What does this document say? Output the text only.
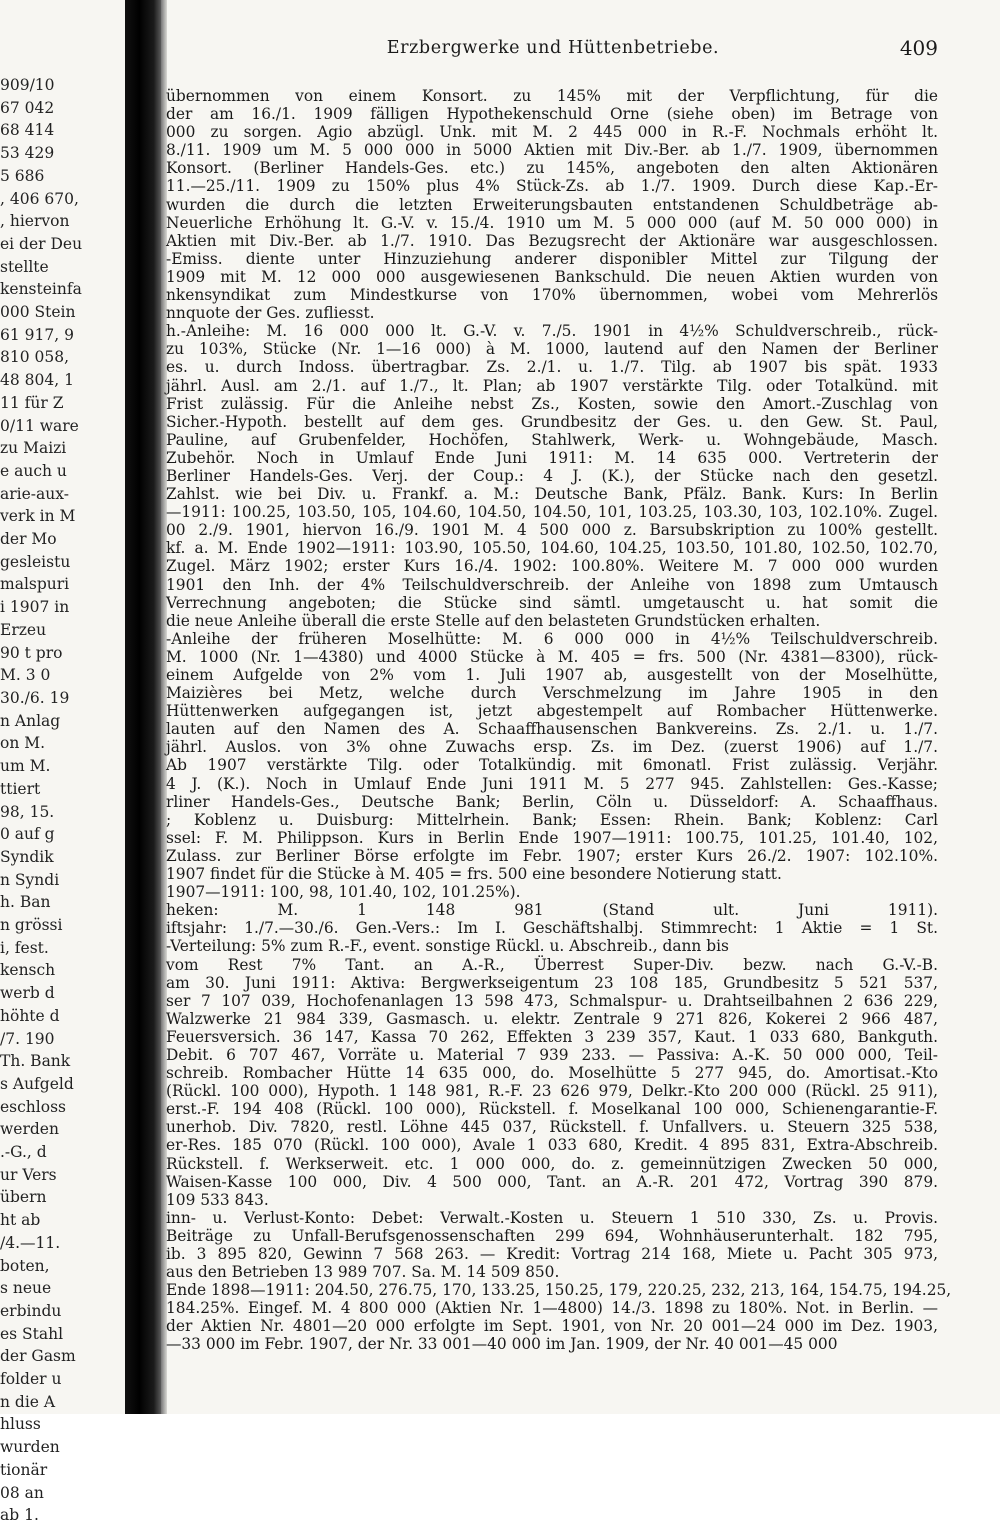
909/10
67 042
68 414
53 429
5 686
, 406 670,
, hiervon
ei der Deu
stellte
kensteinfa
000 Stein
61 917, 9
810 058,
48 804, 1
11 für Z
0/11 ware
zu Maizi
e auch u
arie-aux-
verk in M
der Mo
gesleistu
malspuri
i 1907 in
Erzeu
90 t pro
M. 3 0
30./6. 19
n Anlag
on M.
um M.
ttiert
98, 15.
0 auf g
Syndik
n Syndi
h. Ban
n grössi
i, fest.
kensch
werb d
höhte d
/7. 190
Th. Bank
s Aufgeld
eschloss
werden
.-G., d
ur Vers
übern
ht ab
/4.—11.
boten,
s neue
erbindu
es Stahl
der Gasm
folder u
n die A
hluss
wurden
tionär
08 an
ab 1.
Erzbergwerke und Hüttenbetriebe.	409
übernommen von einem Konsort. zu 145% mit der Verpflichtung, für die
der am 16./1. 1909 fälligen Hypothekenschuld Orne (siehe oben) im Betrage von
000 zu sorgen. Agio abzügl. Unk. mit M. 2 445 000 in R.-F. Nochmals erhöht lt.
8./11. 1909 um M. 5 000 000 in 5000 Aktien mit Div.-Ber. ab 1./7. 1909, übernommen
Konsort. (Berliner Handels-Ges. etc.) zu 145%, angeboten den alten Aktionären
11.—25./11. 1909 zu 150% plus 4% Stück-Zs. ab 1./7. 1909. Durch diese Kap.-Er-
wurden die durch die letzten Erweiterungsbauten entstandenen Schuldbeträge ab-
Neuerliche Erhöhung lt. G.-V. v. 15./4. 1910 um M. 5 000 000 (auf M. 50 000 000) in
Aktien mit Div.-Ber. ab 1./7. 1910. Das Bezugsrecht der Aktionäre war ausgeschlossen.
-Emiss. diente unter Hinzuziehung anderer disponibler Mittel zur Tilgung der
1909 mit M. 12 000 000 ausgewiesenen Bankschuld. Die neuen Aktien wurden von
nkensyndikat zum Mindestkurse von 170% übernommen, wobei vom Mehrerlös
nnquote der Ges. zufliesst.
h.-Anleihe: M. 16 000 000 lt. G.-V. v. 7./5. 1901 in 4½% Schuldverschreib., rück-
zu 103%, Stücke (Nr. 1—16 000) à M. 1000, lautend auf den Namen der Berliner
es. u. durch Indoss. übertragbar. Zs. 2./1. u. 1./7. Tilg. ab 1907 bis spät. 1933
jährl. Ausl. am 2./1. auf 1./7., lt. Plan; ab 1907 verstärkte Tilg. oder Totalkünd. mit
Frist zulässig. Für die Anleihe nebst Zs., Kosten, sowie den Amort.-Zuschlag von
Sicher.-Hypoth. bestellt auf dem ges. Grundbesitz der Ges. u. den Gew. St. Paul,
Pauline, auf Grubenfelder, Hochöfen, Stahlwerk, Werk- u. Wohngebäude, Masch.
Zubehör. Noch in Umlauf Ende Juni 1911: M. 14 635 000. Vertreterin der
Berliner Handels-Ges. Verj. der Coup.: 4 J. (K.), der Stücke nach den gesetzl.
Zahlst. wie bei Div. u. Frankf. a. M.: Deutsche Bank, Pfälz. Bank. Kurs: In Berlin
—1911: 100.25, 103.50, 105, 104.60, 104.50, 104.50, 101, 103.25, 103.30, 103, 102.10%. Zugel.
00 2./9. 1901, hiervon 16./9. 1901 M. 4 500 000 z. Barsubskription zu 100% gestellt.
kf. a. M. Ende 1902—1911: 103.90, 105.50, 104.60, 104.25, 103.50, 101.80, 102.50, 102.70,
Zugel. März 1902; erster Kurs 16./4. 1902: 100.80%. Weitere M. 7 000 000 wurden
1901 den Inh. der 4% Teilschuldverschreib. der Anleihe von 1898 zum Umtausch
Verrechnung angeboten; die Stücke sind sämtl. umgetauscht u. hat somit die
die neue Anleihe überall die erste Stelle auf den belasteten Grundstücken erhalten.
-Anleihe der früheren Moselhütte: M. 6 000 000 in 4½% Teilschuldverschreib.
M. 1000 (Nr. 1—4380) und 4000 Stücke à M. 405 = frs. 500 (Nr. 4381—8300), rück-
einem Aufgelde von 2% vom 1. Juli 1907 ab, ausgestellt von der Moselhütte,
Maizières bei Metz, welche durch Verschmelzung im Jahre 1905 in den
Hüttenwerken aufgegangen ist, jetzt abgestempelt auf Rombacher Hüttenwerke.
lauten auf den Namen des A. Schaaffhausenschen Bankvereins. Zs. 2./1. u. 1./7.
jährl. Auslos. von 3% ohne Zuwachs ersp. Zs. im Dez. (zuerst 1906) auf 1./7.
Ab 1907 verstärkte Tilg. oder Totalkündig. mit 6monatl. Frist zulässig. Verjähr.
4 J. (K.). Noch in Umlauf Ende Juni 1911 M. 5 277 945. Zahlstellen: Ges.-Kasse;
rliner Handels-Ges., Deutsche Bank; Berlin, Cöln u. Düsseldorf: A. Schaaffhaus.
; Koblenz u. Duisburg: Mittelrhein. Bank; Essen: Rhein. Bank; Koblenz: Carl
ssel: F. M. Philippson. Kurs in Berlin Ende 1907—1911: 100.75, 101.25, 101.40, 102,
Zulass. zur Berliner Börse erfolgte im Febr. 1907; erster Kurs 26./2. 1907: 102.10%.
1907 findet für die Stücke à M. 405 = frs. 500 eine besondere Notierung statt.
1907—1911: 100, 98, 101.40, 102, 101.25%).
heken: M. 1 148 981 (Stand ult. Juni 1911).
iftsjahr: 1./7.—30./6. Gen.-Vers.: Im I. Geschäftshalbj. Stimmrecht: 1 Aktie = 1 St.
-Verteilung: 5% zum R.-F., event. sonstige Rückl. u. Abschreib., dann bis
vom Rest 7% Tant. an A.-R., Überrest Super-Div. bezw. nach G.-V.-B.
am 30. Juni 1911: Aktiva: Bergwerkseigentum 23 108 185, Grundbesitz 5 521 537,
ser 7 107 039, Hochofenanlagen 13 598 473, Schmalspur- u. Drahtseilbahnen 2 636 229,
Walzwerke 21 984 339, Gasmasch. u. elektr. Zentrale 9 271 826, Kokerei 2 966 487,
Feuersversich. 36 147, Kassa 70 262, Effekten 3 239 357, Kaut. 1 033 680, Bankguth.
Debit. 6 707 467, Vorräte u. Material 7 939 233. — Passiva: A.-K. 50 000 000, Teil-
schreib. Rombacher Hütte 14 635 000, do. Moselhütte 5 277 945, do. Amortisat.-Kto
(Rückl. 100 000), Hypoth. 1 148 981, R.-F. 23 626 979, Delkr.-Kto 200 000 (Rückl. 25 911),
erst.-F. 194 408 (Rückl. 100 000), Rückstell. f. Moselkanal 100 000, Schienengarantie-F.
unerhob. Div. 7820, restl. Löhne 445 037, Rückstell. f. Unfallvers. u. Steuern 325 538,
er-Res. 185 070 (Rückl. 100 000), Avale 1 033 680, Kredit. 4 895 831, Extra-Abschreib.
Rückstell. f. Werkserweit. etc. 1 000 000, do. z. gemeinnützigen Zwecken 50 000,
Waisen-Kasse 100 000, Div. 4 500 000, Tant. an A.-R. 201 472, Vortrag 390 879.
109 533 843.
inn- u. Verlust-Konto: Debet: Verwalt.-Kosten u. Steuern 1 510 330, Zs. u. Provis.
Beiträge zu Unfall-Berufsgenossenschaften 299 694, Wohnhäuserunterhalt. 182 795,
ib. 3 895 820, Gewinn 7 568 263. — Kredit: Vortrag 214 168, Miete u. Pacht 305 973,
aus den Betrieben 13 989 707. Sa. M. 14 509 850.
Ende 1898—1911: 204.50, 276.75, 170, 133.25, 150.25, 179, 220.25, 232, 213, 164, 154.75, 194.25,
184.25%. Eingef. M. 4 800 000 (Aktien Nr. 1—4800) 14./3. 1898 zu 180%. Not. in Berlin. —
der Aktien Nr. 4801—20 000 erfolgte im Sept. 1901, von Nr. 20 001—24 000 im Dez. 1903,
—33 000 im Febr. 1907, der Nr. 33 001—40 000 im Jan. 1909, der Nr. 40 001—45 000
